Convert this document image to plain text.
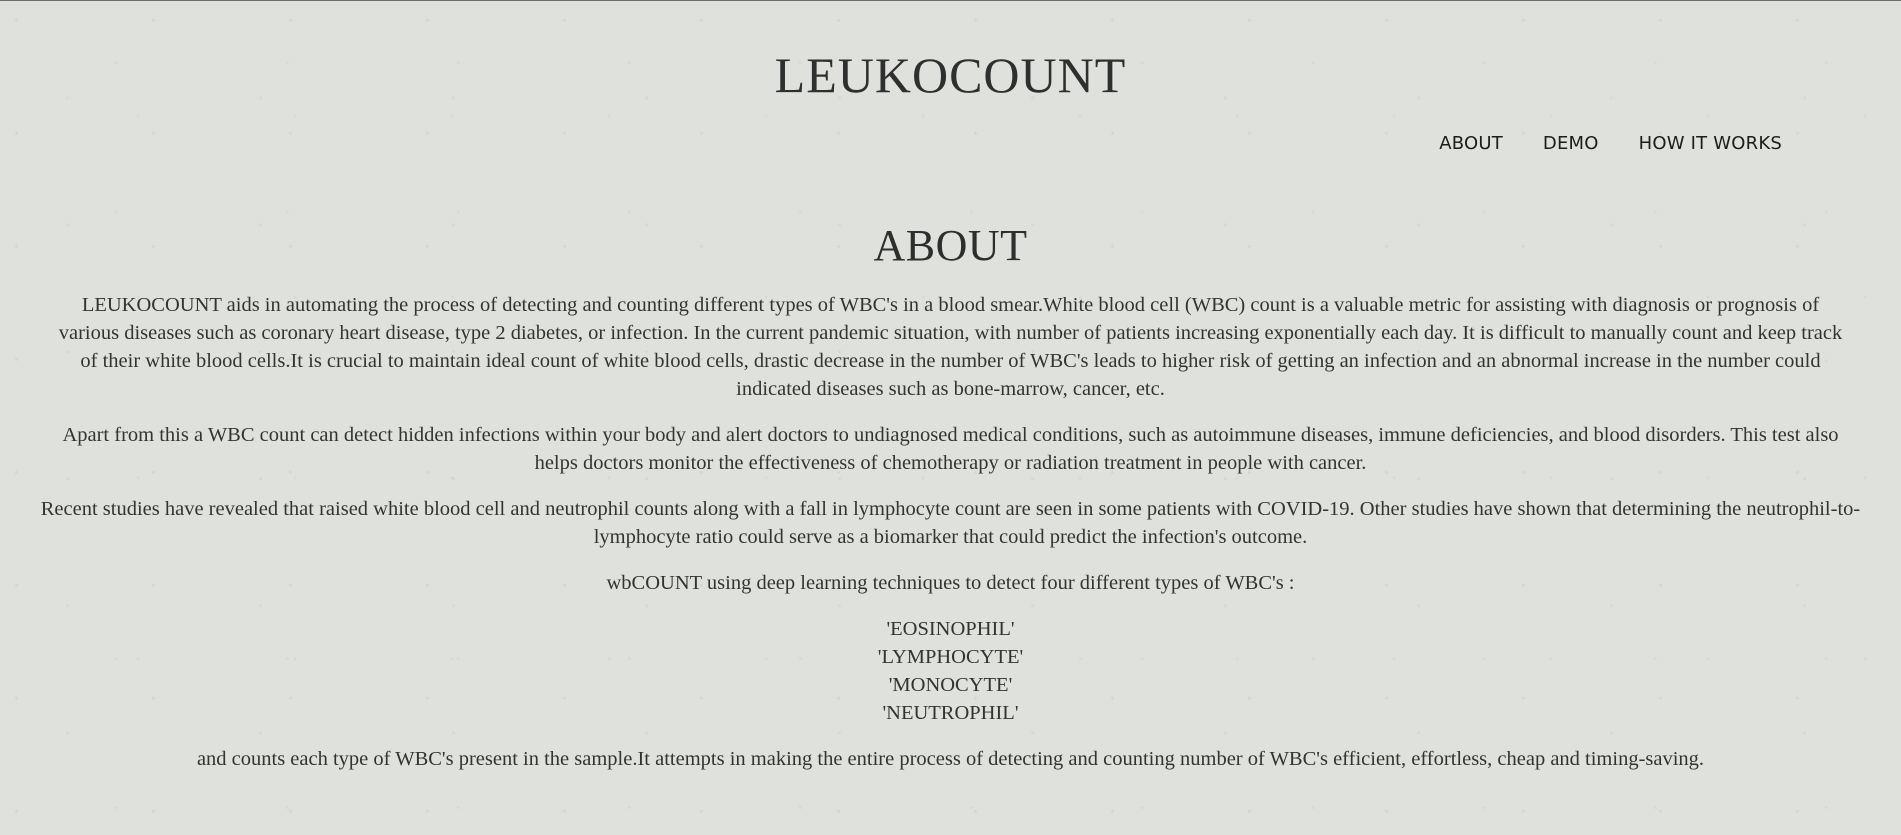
LEUKOCOUNT
ABOUT DEMO HOW IT WORKS
ABOUT

LEUKOCOUNT aids in automating the process of detecting and counting different types of WBC's in a blood smear.White blood cell (WBC) count is a valuable metric for assisting with diagnosis or prognosis of various diseases such as coronary heart disease, type 2 diabetes, or infection. In the current pandemic situation, with number of patients increasing exponentially each day. It is difficult to manually count and keep track of their white blood cells.It is crucial to maintain ideal count of white blood cells, drastic decrease in the number of WBC's leads to higher risk of getting an infection and an abnormal increase in the number could indicated diseases such as bone-marrow, cancer, etc.

Apart from this a WBC count can detect hidden infections within your body and alert doctors to undiagnosed medical conditions, such as autoimmune diseases, immune deficiencies, and blood disorders. This test also helps doctors monitor the effectiveness of chemotherapy or radiation treatment in people with cancer.

Recent studies have revealed that raised white blood cell and neutrophil counts along with a fall in lymphocyte count are seen in some patients with COVID-19. Other studies have shown that determining the neutrophil-to-lymphocyte ratio could serve as a biomarker that could predict the infection's outcome.

wbCOUNT using deep learning techniques to detect four different types of WBC's :

'EOSINOPHIL'
'LYMPHOCYTE'
'MONOCYTE'
'NEUTROPHIL'

and counts each type of WBC's present in the sample.It attempts in making the entire process of detecting and counting number of WBC's efficient, effortless, cheap and timing-saving.
